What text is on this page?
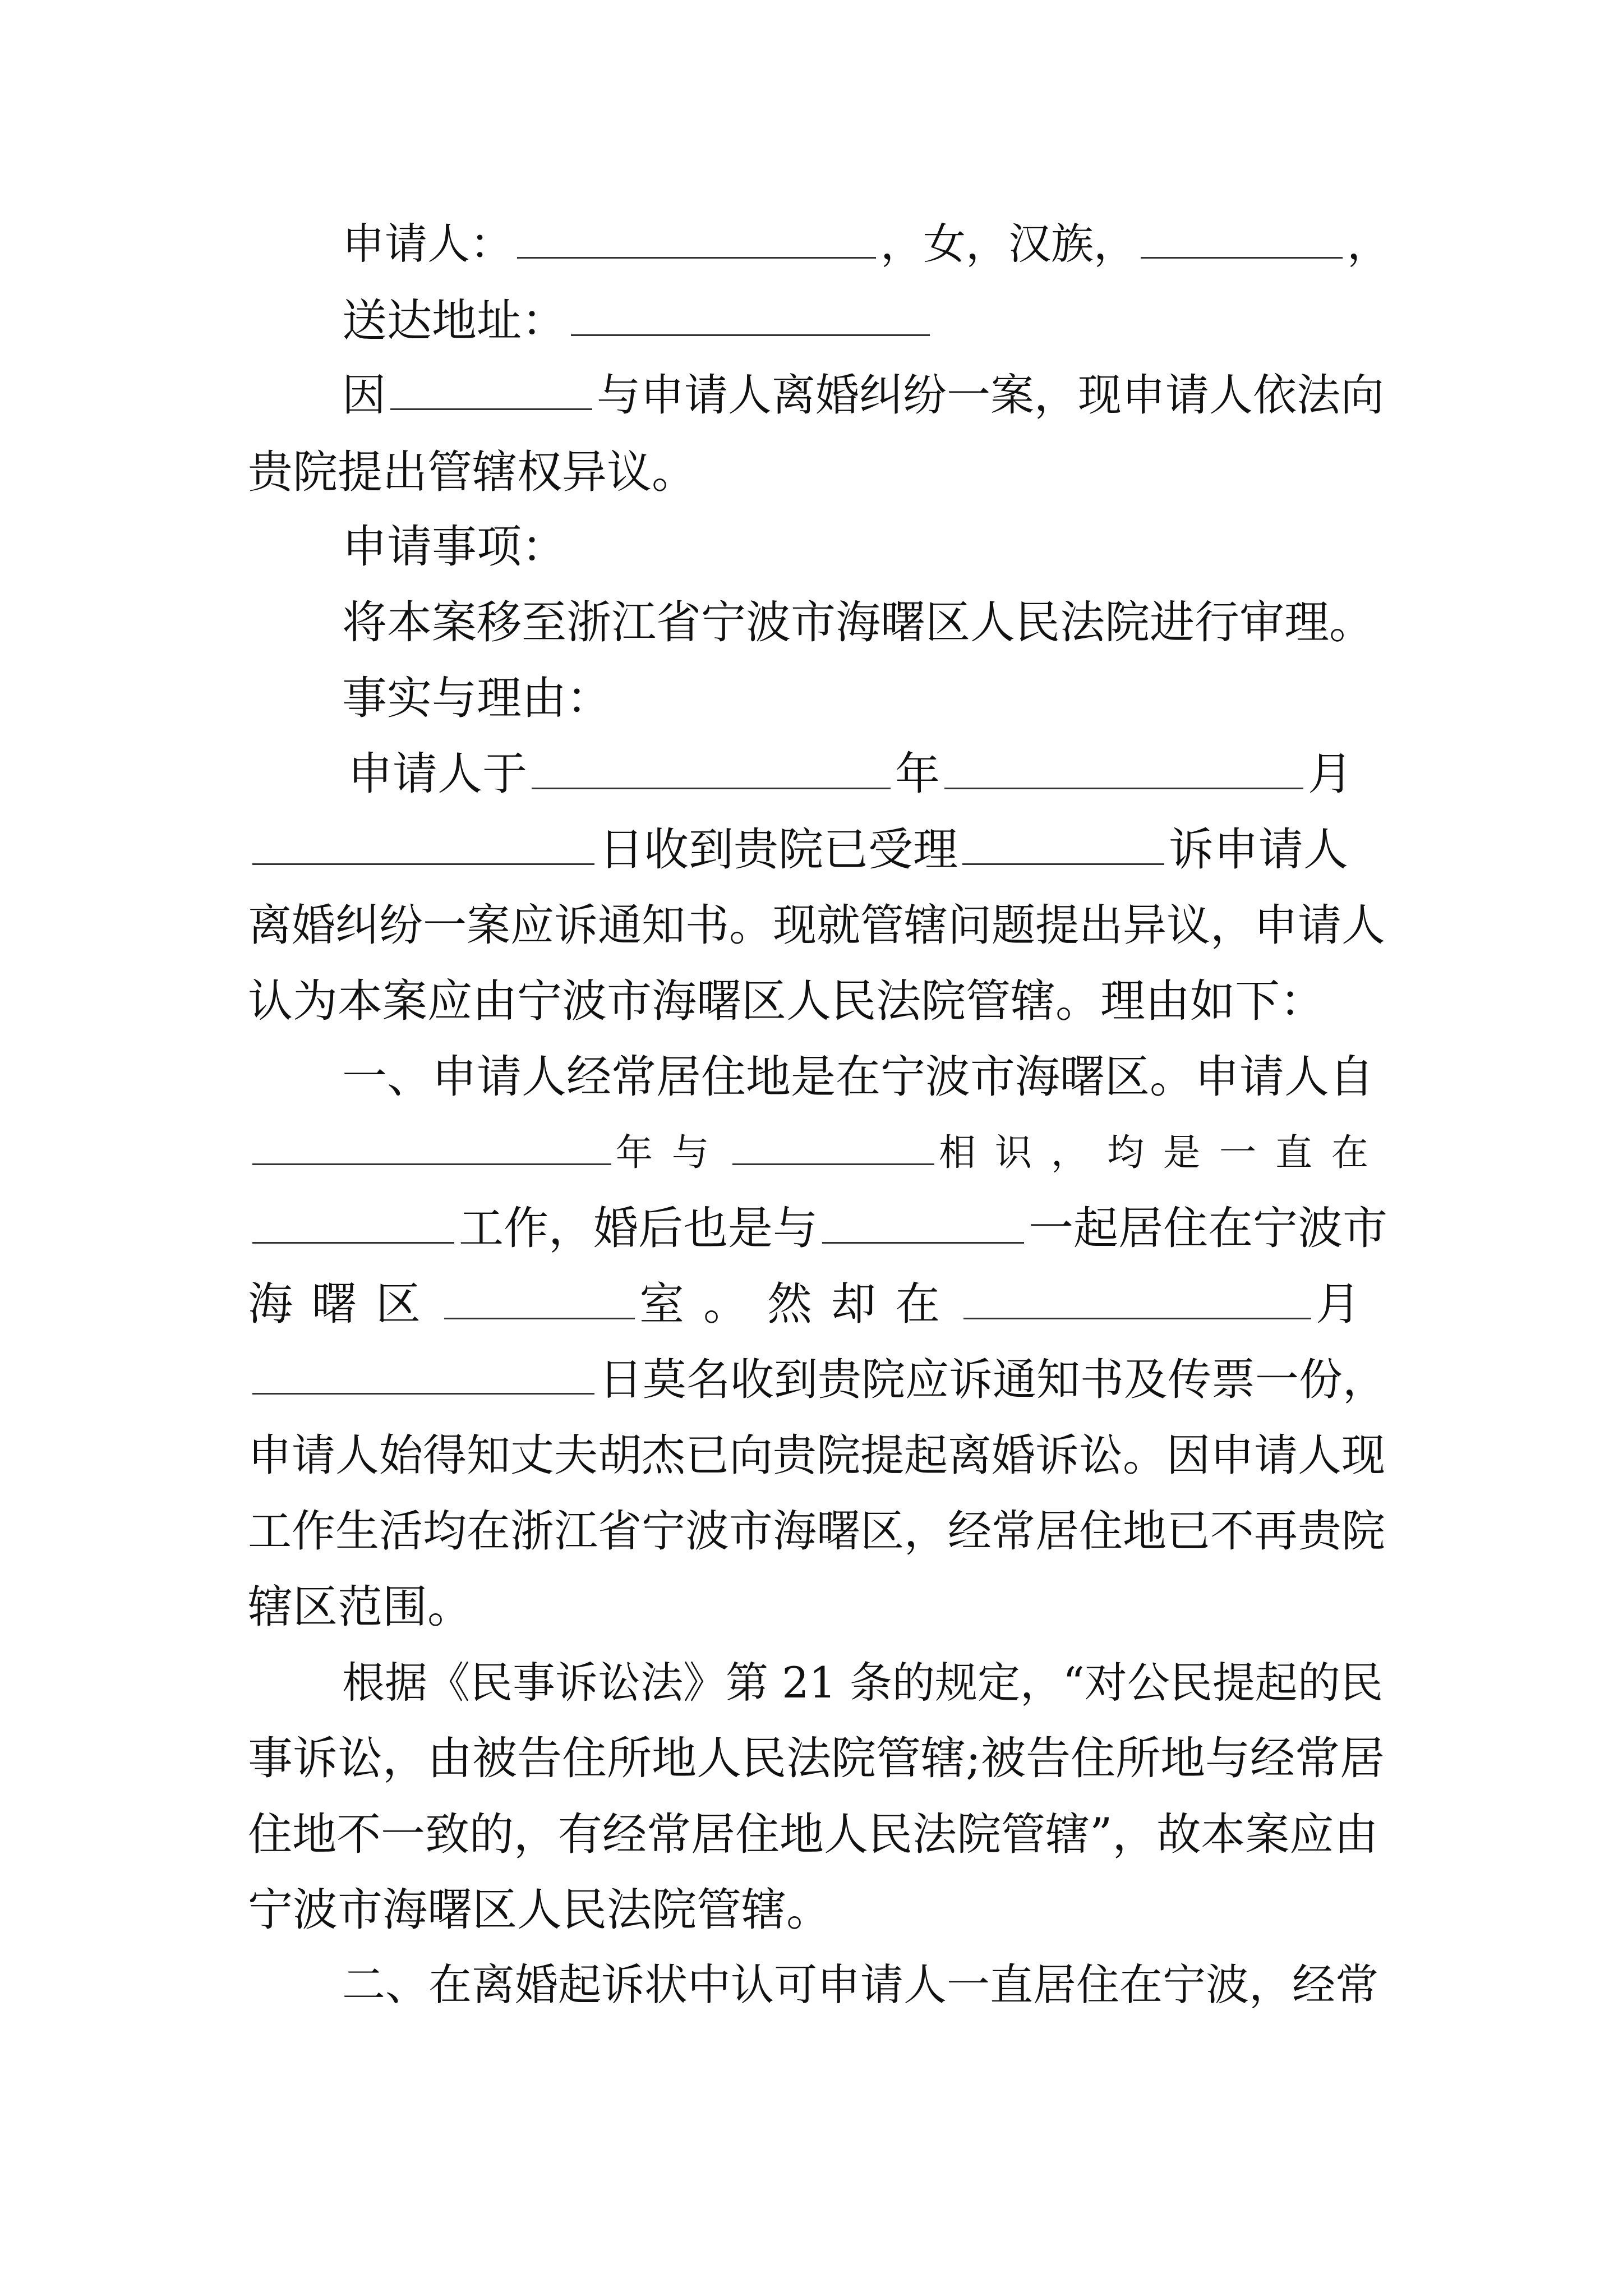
申请人：	，女，汉族，	，
送达地址：
因	与申请人离婚纠纷一案，现申请人依法向
贵院提出管辖权异议。
申请事项：
将本案移至浙江省宁波市海曙区人民法院进行审理。
事实与理由：
申请人于	年	月
日收到贵院已受理	诉申请人
离婚纠纷一案应诉通知书。现就管辖问题提出异议，申请人
认为本案应由宁波市海曙区人民法院管辖。理由如下：
一、申请人经常居住地是在宁波市海曙区。申请人自
年与	相识，均是一直在
工作，婚后也是与	一起居住在宁波市
海曙区	室。然却在	月
日莫名收到贵院应诉通知书及传票一份，
申请人始得知丈夫胡杰已向贵院提起离婚诉讼。因申请人现
工作生活均在浙江省宁波市海曙区，经常居住地已不再贵院
辖区范围。
根据《民事诉讼法》第 21 条的规定，“对公民提起的民
事诉讼，由被告住所地人民法院管辖;被告住所地与经常居
住地不一致的，有经常居住地人民法院管辖”，故本案应由
宁波市海曙区人民法院管辖。
二、在离婚起诉状中认可申请人一直居住在宁波，经常
